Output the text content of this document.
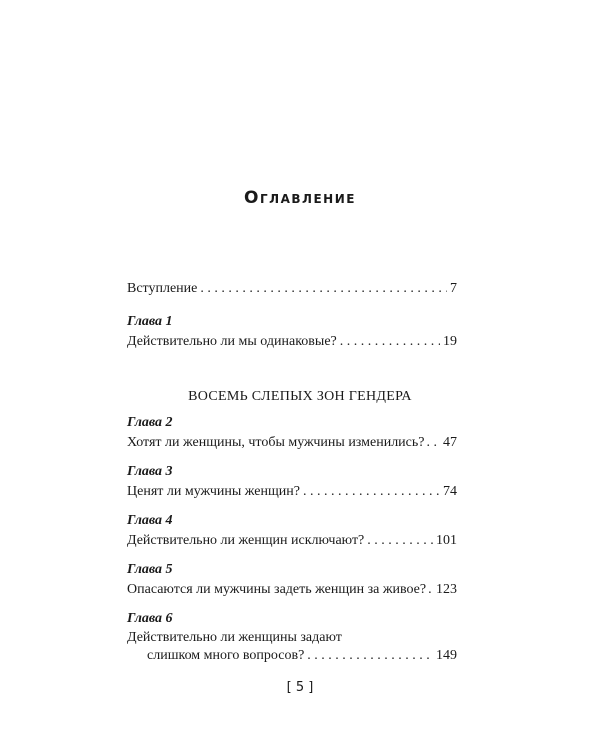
Оглавление
Вступление . . .	7
Глава 1
Действительно ли мы одинаковые? . . .	19
ВОСЕМЬ СЛЕПЫХ ЗОН ГЕНДЕРА
Глава 2
Хотят ли женщины, чтобы мужчины изменились? . . . 47
Глава 3
Ценят ли мужчины женщин? . . .	74
Глава 4
Действительно ли женщин исключают? . . .	101
Глава 5
Опасаются ли мужчины задеть женщин за живое? . . . 123
Глава 6
Действительно ли женщины задают
слишком много вопросов? . . .	149
[ 5 ]
